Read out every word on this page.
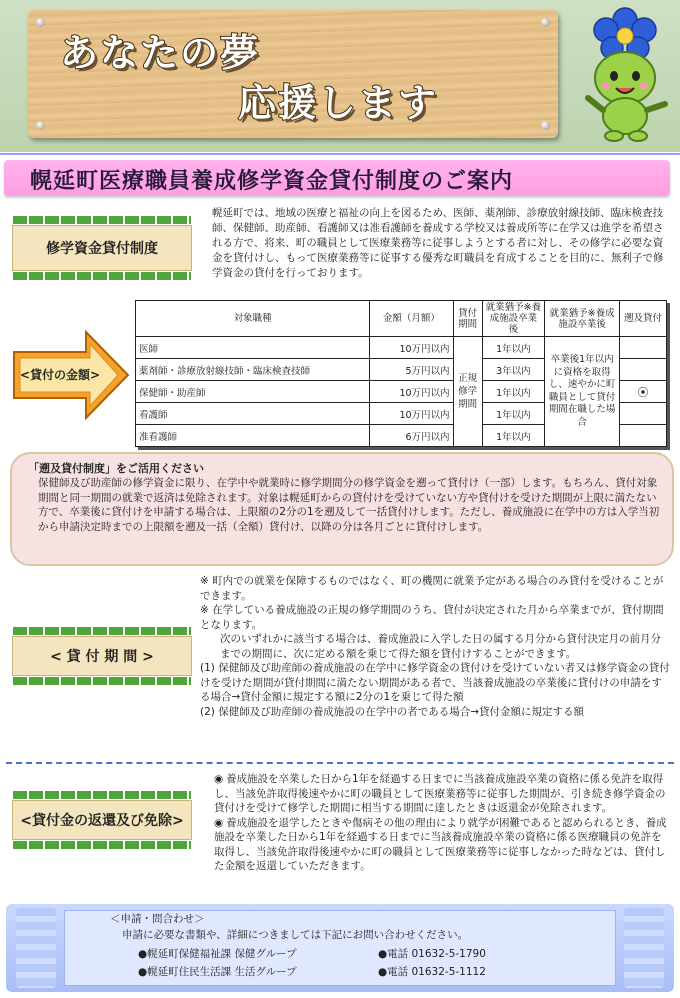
あなたの夢
応援します
幌延町医療職員養成修学資金貸付制度のご案内
修学資金貸付制度
幌延町では、地域の医療と福祉の向上を図るため、医師、薬剤師、診療放射線技師、臨床検査技師、保健師、助産師、看護師又は准看護師を養成する学校又は養成所等に在学又は進学を希望される方で、将来、町の職員として医療業務等に従事しようとする者に対し、その修学に必要な資金を貸付けし、もって医療業務等に従事する優秀な町職員を育成することを目的に、無利子で修学資金の貸付を行っております。
<貸付の金額>
対象職種	金額（月額）	貸付期間	就業猶予※養成施設卒業後	就業猶予※養成施設卒業後	遡及貸付
医師	10万円以内	正規修学期間	1年以内	卒業後1年以内に資格を取得し、速やかに町職員として貸付期間在職した場合	
薬剤師・診療放射線技師・臨床検査技師	5万円以内		3年以内		
保健師・助産師	10万円以内		1年以内		⦿
看護師	10万円以内		1年以内		
准看護師	6万円以内		1年以内		
「遡及貸付制度」をご活用ください
保健師及び助産師の修学資金に限り、在学中や就業時に修学期間分の修学資金を遡って貸付け（一部）します。もちろん、貸付対象期間と同一期間の就業で返済は免除されます。対象は幌延町からの貸付けを受けていない方や貸付けを受けた期間が上限に満たない方で、卒業後に貸付けを申請する場合は、上限額の2分の1を遡及して一括貸付けします。ただし、養成施設に在学中の方は入学当初から申請決定時までの上限額を遡及一括（全額）貸付け、以降の分は各月ごとに貸付けします。
< 貸 付 期 間 >

※ 町内での就業を保障するものではなく、町の機関に就業予定がある場合のみ貸付を受けることができます。

※ 在学している養成施設の正規の修学期間のうち、貸付が決定された月から卒業までが、貸付期間となります。

次のいずれかに該当する場合は、養成施設に入学した日の属する月分から貸付決定月の前月分までの期間に、次に定める額を乗じて得た額を貸付けすることができます。

(1) 保健師及び助産師の養成施設の在学中に修学資金の貸付けを受けていない者又は修学資金の貸付けを受けた期間が貸付期間に満たない期間がある者で、当該養成施設の卒業後に貸付けの申請をする場合→貸付金額に規定する額に2分の1を乗じて得た額

(2) 保健師及び助産師の養成施設の在学中の者である場合→貸付金額に規定する額

<貸付金の返還及び免除>

◉ 養成施設を卒業した日から1年を経過する日までに当該養成施設卒業の資格に係る免許を取得し、当該免許取得後速やかに町の職員として医療業務等に従事した期間が、引き続き修学資金の貸付けを受けて修学した期間に相当する期間に達したときは返還金が免除されます。

◉ 養成施設を退学したときや傷病その他の理由により就学が困難であると認められるとき、養成施設を卒業した日から1年を経過する日までに当該養成施設卒業の資格に係る医療職員の免許を取得し、当該免許取得後速やかに町の職員として医療業務等に従事しなかった時などは、貸付した金額を返還していただきます。

＜申請・問合わせ＞
申請に必要な書類や、詳細につきましては下記にお問い合わせください。
●幌延町保健福祉課 保健グループ	●電話 01632-5-1790
●幌延町住民生活課 生活グループ	●電話 01632-5-1112
